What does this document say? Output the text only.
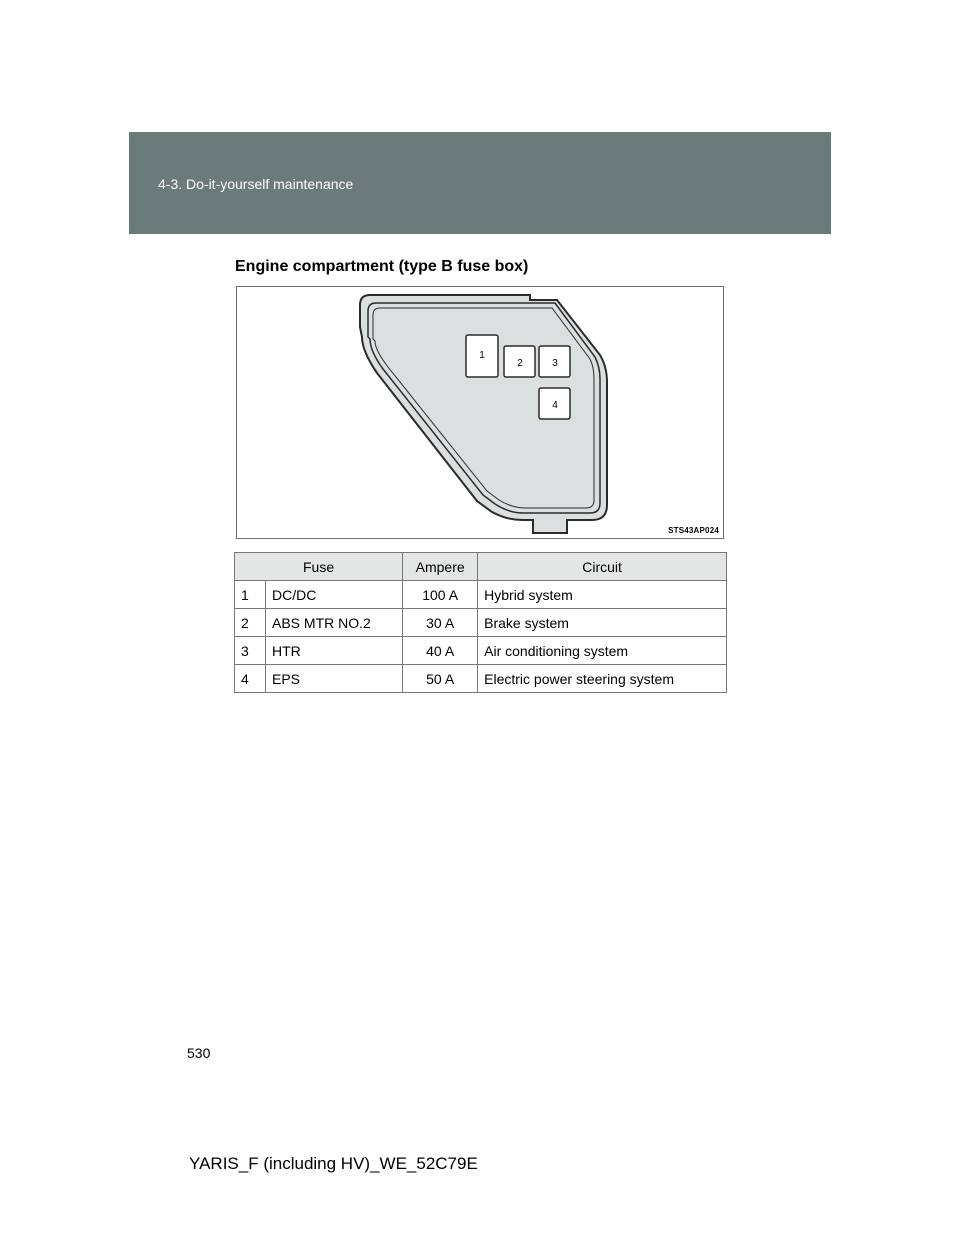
4-3. Do-it-yourself maintenance
Engine compartment (type B fuse box)
1
2	3
4
STS43AP024
Fuse		Ampere	Circuit
1	DC/DC	100 A	Hybrid system
2	ABS MTR NO.2	30 A	Brake system
3	HTR	40 A	Air conditioning system
4	EPS	50 A	Electric power steering system
530
YARIS_F (including HV)_WE_52C79E
